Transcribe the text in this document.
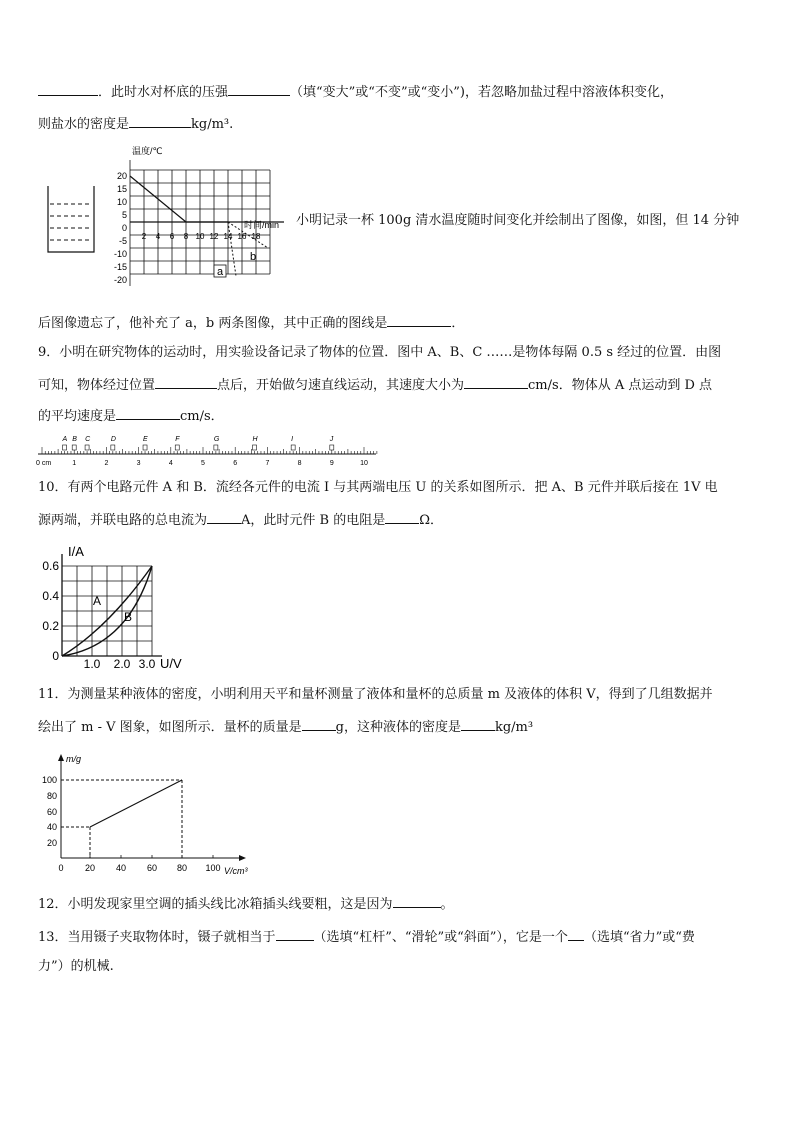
．此时水对杯底的压强	（填“变大”或“不变”或“变小”)，若忽略加盐过程中溶液体积变化，
则盐水的密度是	kg/m³.
温度/℃
时间/min
20
15
10
5
0
-5
-10
-15
-20
2 4 6 8 10 12 14 16 18
a
b
小明记录一杯 100g 清水温度随时间变化并绘制出了图像，如图，但 14 分钟
后图像遗忘了，他补充了 a，b 两条图像，其中正确的图线是	．
9．小明在研究物体的运动时，用实验设备记录了物体的位置．图中 A、B、C ……是物体每隔 0.5 s 经过的位置．由图
可知，物体经过位置	点后，开始做匀速直线运动，其速度大小为	cm/s．物体从 A 点运动到 D 点
的平均速度是	cm/s．
A B C	D	E	F	G	H	I	J
0 cm	1	2	3	4	5	6	7	8	9	10
10．有两个电路元件 A 和 B．流经各元件的电流 I 与其两端电压 U 的关系如图所示．把 A、B 元件并联后接在 1V 电
源两端，并联电路的总电流为	A，此时元件 B 的电阻是	Ω．
I/A
U/V
0.6
0.4
0.2
0
1.0 2.0 3.0
A
B
11．为测量某种液体的密度，小明利用天平和量杯测量了液体和量杯的总质量 m 及液体的体积 V，得到了几组数据并
绘出了 m - V 图象，如图所示．量杯的质量是	g，这种液体的密度是	kg/m³
m/g
V/cm³
100
80
60
40
20
0 20 40 60 80 100
12．小明发现家里空调的插头线比冰箱插头线要粗，这是因为	。
13．当用镊子夹取物体时，镊子就相当于	（选填“杠杆”、“滑轮”或“斜面”），它是一个 （选填“省力”或“费
力”）的机械.
